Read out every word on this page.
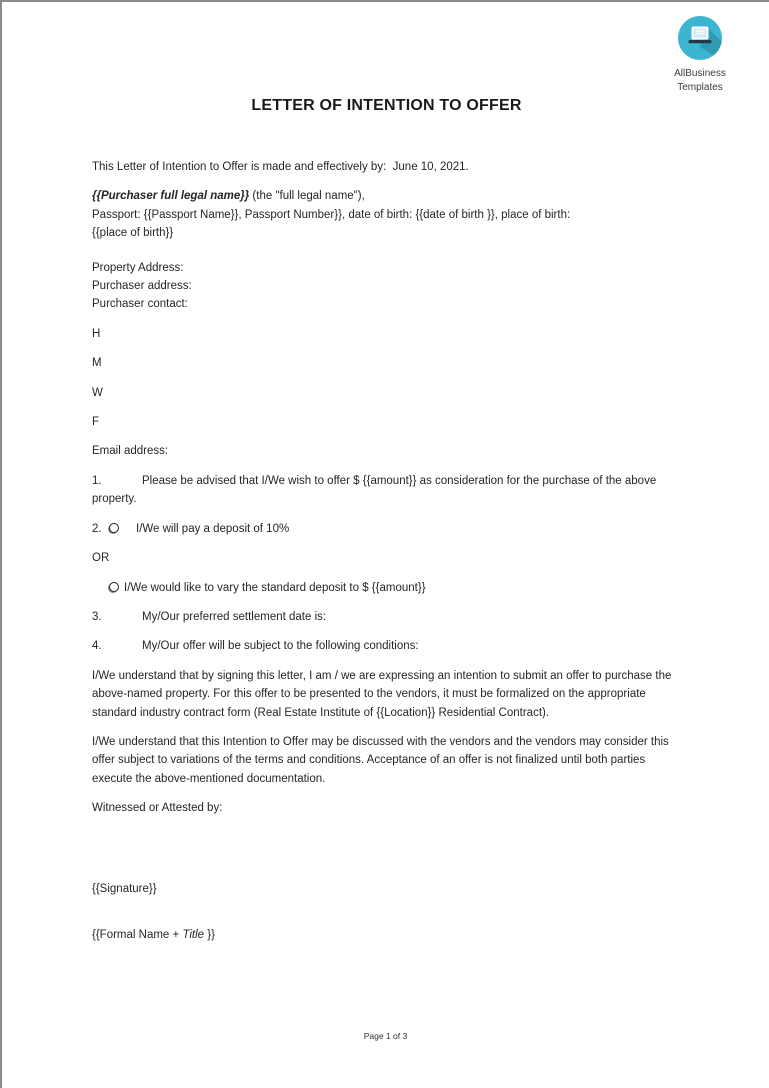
AllBusiness
Templates
LETTER OF INTENTION TO OFFER

This Letter of Intention to Offer is made and effectively by:  June 10, 2021.

{{Purchaser full legal name}} (the "full legal name"),
Passport: {{Passport Name}}, Passport Number}}, date of birth: {{date of birth }}, place of birth:
{{place of birth}}
Property Address:
Purchaser address:
Purchaser contact:

H

M

W

F

Email address:

1.	Please be advised that I/We wish to offer $ {{amount}} as consideration for the purchase of the above property.

2.	I/We will pay a deposit of 10%

OR

I/We would like to vary the standard deposit to $ {{amount}}

3.	My/Our preferred settlement date is:

4.	My/Our offer will be subject to the following conditions:

I/We understand that by signing this letter, I am / we are expressing an intention to submit an offer to purchase the above-named property. For this offer to be presented to the vendors, it must be formalized on the appropriate standard industry contract form (Real Estate Institute of {{Location}} Residential Contract).

I/We understand that this Intention to Offer may be discussed with the vendors and the vendors may consider this offer subject to variations of the terms and conditions. Acceptance of an offer is not finalized until both parties execute the above-mentioned documentation.

Witnessed or Attested by:

{{Signature}}

{{Formal Name + Title }}

Page 1 of 3
